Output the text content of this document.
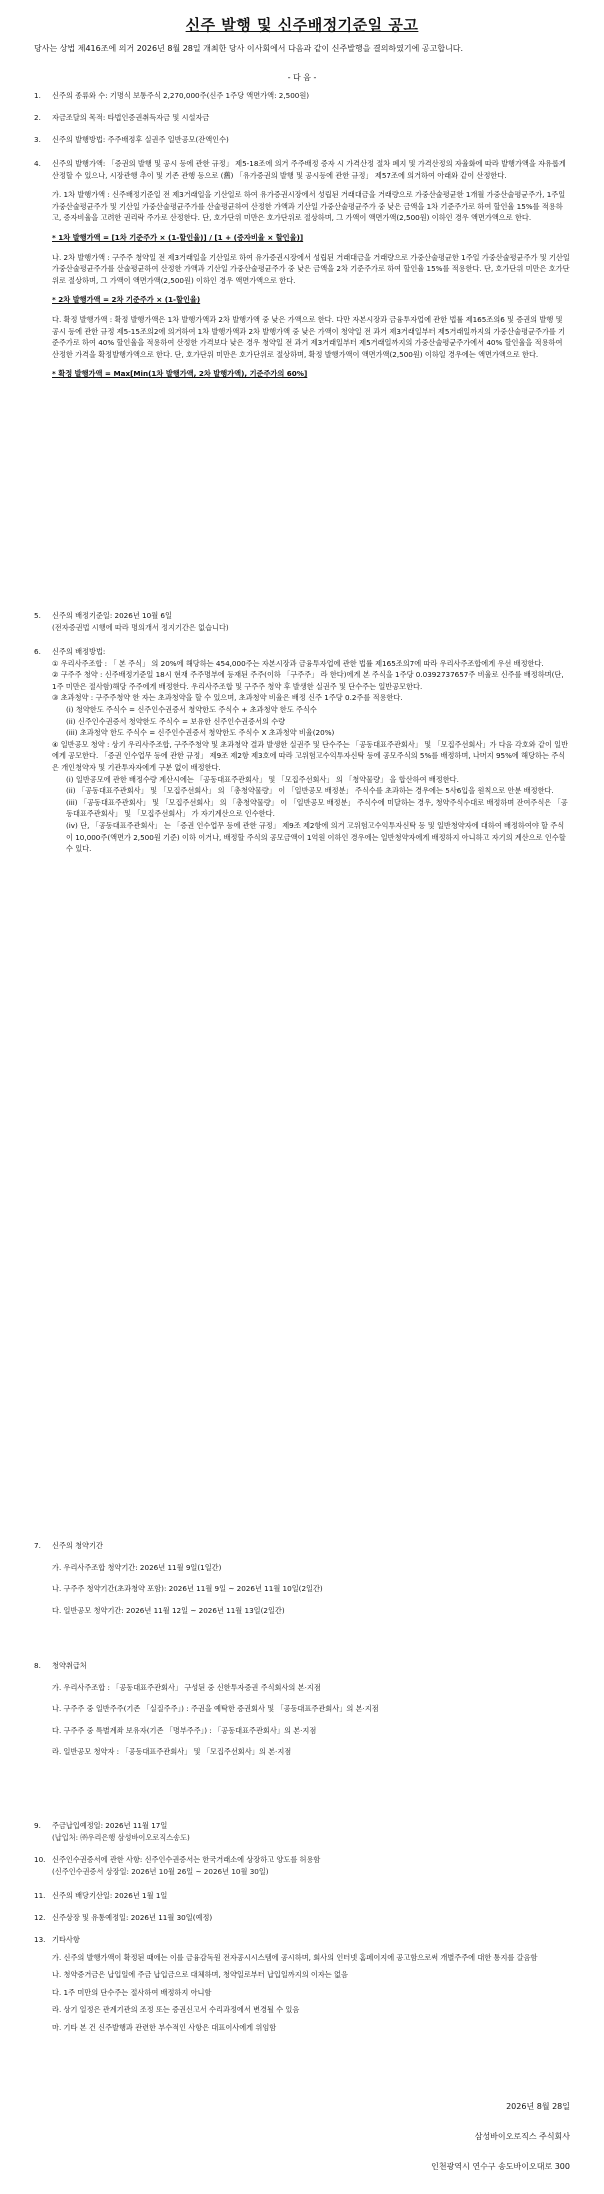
신주 발행 및 신주배정기준일 공고
당사는 상법 제416조에 의거 2026년 8월 28일 개최한 당사 이사회에서 다음과 같이 신주발행을 결의하였기에 공고합니다.
- 다 음 -
1.	신주의 종류와 수: 기명식 보통주식 2,270,000주(신주 1주당 액면가액: 2,500원)
2.	자금조달의 목적: 타법인증권취득자금 및 시설자금
3.	신주의 발행방법: 주주배정후 실권주 일반공모(잔액인수)
4.	신주의 발행가액: 「증권의 발행 및 공시 등에 관한 규정」 제5-18조에 의거 주주배정 증자 시 가격산정 절차 폐지 및 가격산정의 자율화에 따라 발행가액을 자유롭게 산정할 수 있으나, 시장관행 추이 및 기존 관행 등으로 (舊) 「유가증권의 발행 및 공시등에 관한 규정」 제57조에 의거하여 아래와 같이 산정한다.

가. 1차 발행가액 : 신주배정기준일 전 제3거래일을 기산일로 하여 유가증권시장에서 성립된 거래대금을 거래량으로 가중산술평균한 1개월 가중산술평균주가, 1주일 가중산술평균주가 및 기산일 가중산술평균주가를 산술평균하여 산정한 가액과 기산일 가중산술평균주가 중 낮은 금액을 1차 기준주가로 하여 할인율 15%를 적용하고, 증자비율을 고려한 권리락 주가로 산정한다. 단, 호가단위 미만은 호가단위로 절상하며, 그 가액이 액면가액(2,500원) 이하인 경우 액면가액으로 한다.

* 1차 발행가액 = [1차 기준주가 × (1-할인율)] / [1 + (증자비율 × 할인율)]

나. 2차 발행가액 : 구주주 청약일 전 제3거래일을 기산일로 하여 유가증권시장에서 성립된 거래대금을 거래량으로 가중산술평균한 1주일 가중산술평균주가 및 기산일 가중산술평균주가를 산술평균하여 산정한 가액과 기산일 가중산술평균주가 중 낮은 금액을 2차 기준주가로 하여 할인율 15%를 적용한다. 단, 호가단위 미만은 호가단위로 절상하며, 그 가액이 액면가액(2,500원) 이하인 경우 액면가액으로 한다.

* 2차 발행가액 = 2차 기준주가 × (1-할인율)

다. 확정 발행가액 : 확정 발행가액은 1차 발행가액과 2차 발행가액 중 낮은 가액으로 한다. 다만 자본시장과 금융투자업에 관한 법률 제165조의6 및 증권의 발행 및 공시 등에 관한 규정 제5-15조의2에 의거하여 1차 발행가액과 2차 발행가액 중 낮은 가액이 청약일 전 과거 제3거래일부터 제5거래일까지의 가중산술평균주가를 기준주가로 하여 40% 할인율을 적용하여 산정한 가격보다 낮은 경우 청약일 전 과거 제3거래일부터 제5거래일까지의 가중산술평균주가에서 40% 할인율을 적용하여 산정한 가격을 확정발행가액으로 한다. 단, 호가단위 미만은 호가단위로 절상하며, 확정 발행가액이 액면가액(2,500원) 이하일 경우에는 액면가액으로 한다.

* 확정 발행가액 = Max[Min(1차 발행가액, 2차 발행가액), 기준주가의 60%]

5.	신주의 배정기준일: 2026년 10월 6일

(전자증권법 시행에 따라 명의개서 정지기간은 없습니다)

6.	신주의 배정방법:

① 우리사주조합 : 「 본 주식」 의 20%에 해당하는 454,000주는 자본시장과 금융투자업에 관한 법률 제165조의7에 따라 우리사주조합에게 우선 배정한다.

② 구주주 청약 : 신주배정기준일 18시 현재 주주명부에 등재된 주주(이하 「구주주」 라 한다)에게 본 주식을 1주당 0.0392737657주 비율로 신주를 배정하며(단, 1주 미만은 절사함)해당 주주에게 배정한다. 우리사주조합 및 구주주 청약 후 발생한 실권주 및 단수주는 일반공모한다.

③ 초과청약 : 구주주청약 한 자는 초과청약을 할 수 있으며, 초과청약 비율은 배정 신주 1주당 0.2주를 적용한다.

(i) 청약한도 주식수 = 신주인수권증서 청약한도 주식수 + 초과청약 한도 주식수

(ii) 신주인수권증서 청약한도 주식수 = 보유한 신주인수권증서의 수량

(iii) 초과청약 한도 주식수 = 신주인수권증서 청약한도 주식수 X 초과청약 비율(20%)

④ 일반공모 청약 : 상기 우리사주조합, 구주주청약 및 초과청약 결과 발생한 실권주 및 단수주는 「공동대표주관회사」 및 「모집주선회사」가 다음 각호와 같이 일반에게 공모한다. 「증권 인수업무 등에 관한 규정」 제9조 제2항 제3호에 따라 고위험고수익투자신탁 등에 공모주식의 5%를 배정하며, 나머지 95%에 해당하는 주식은 개인청약자 및 기관투자자에게 구분 없이 배정한다.

(i) 일반공모에 관한 배정수량 계산시에는 「공동대표주관회사」 및 「모집주선회사」 의 「청약물량」 을 합산하여 배정한다.

(ii) 「공동대표주관회사」 및 「모집주선회사」 의 「총청약물량」 이 「일반공모 배정분」 주식수를 초과하는 경우에는 5사6입을 원칙으로 안분 배정한다.

(iii) 「공동대표주관회사」 및 「모집주선회사」 의 「총청약물량」 이 「일반공모 배정분」 주식수에 미달하는 경우, 청약주식수대로 배정하며 잔여주식은 「공동대표주관회사」 및 「모집주선회사」 가 자기계산으로 인수한다.

(iv) 단, 「공동대표주관회사」 는 「증권 인수업무 등에 관한 규정」 제9조 제2항에 의거 고위험고수익투자신탁 등 및 일반청약자에 대하여 배정하여야 할 주식이 10,000주(액면가 2,500원 기준) 이하 이거나, 배정할 주식의 공모금액이 1억원 이하인 경우에는 일반청약자에게 배정하지 아니하고 자기의 계산으로 인수할 수 있다.

7.	신주의 청약기간

가. 우리사주조합 청약기간: 2026년 11월 9일(1일간)

나. 구주주 청약기간(초과청약 포함): 2026년 11월 9일 ~ 2026년 11월 10일(2일간)

다. 일반공모 청약기간: 2026년 11월 12일 ~ 2026년 11월 13일(2일간)

8.	청약취급처

가. 우리사주조합 : 「공동대표주관회사」 구성된 중 신한투자증권 주식회사의 본·지점

나. 구주주 중 일반주주(기존 「실질주주」) : 주권을 예탁한 증권회사 및 「공동대표주관회사」의 본·지점

다. 구주주 중 특별계좌 보유자(기존 「명부주주」) : 「공동대표주관회사」의 본·지점

라. 일반공모 청약자 : 「공동대표주관회사」 및 「모집주선회사」의 본·지점

9.	주금납입예정일: 2026년 11월 17일

(납입처: ㈜우리은행 삼성바이오로직스송도)

10. 신주인수권증서에 관한 사항: 신주인수권증서는 한국거래소에 상장하고 양도를 허용함

(신주인수권증서 상장일: 2026년 10월 26일 ~ 2026년 10월 30일)

11. 신주의 배당기산일: 2026년 1월 1일
12. 신주상장 및 유통예정일: 2026년 11월 30일(예정)
13. 기타사항

가. 신주의 발행가액이 확정된 때에는 이를 금융감독원 전자공시시스템에 공시하며, 회사의 인터넷 홈페이지에 공고함으로써 개별주주에 대한 통지를 갈음함

나. 청약증거금은 납입일에 주금 납입금으로 대체하며, 청약일로부터 납입일까지의 이자는 없음

다. 1주 미만의 단수주는 절사하여 배정하지 아니함

라. 상기 일정은 관계기관의 조정 또는 증권신고서 수리과정에서 변경될 수 있음

마. 기타 본 건 신주발행과 관련한 부수적인 사항은 대표이사에게 위임함

2026년 8월 28일
삼성바이오로직스 주식회사
인천광역시 연수구 송도바이오대로 300
